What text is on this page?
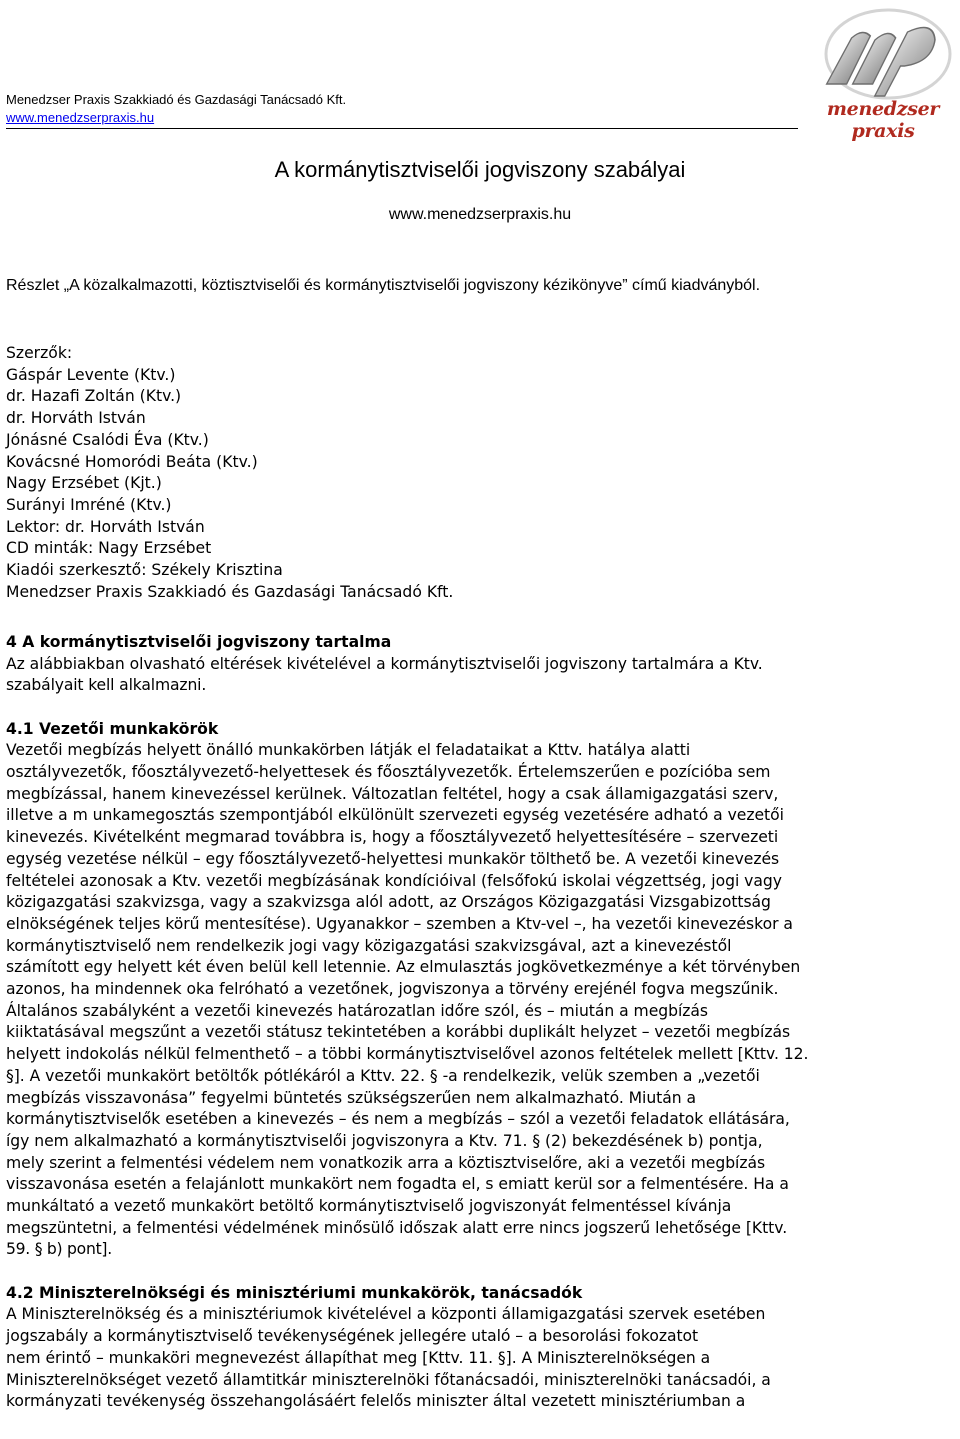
Menedzser Praxis Szakkiadó és Gazdasági Tanácsadó Kft.
www.menedzserpraxis.hu	menedzser praxis
A kormánytisztviselői jogviszony szabályai
www.menedzserpraxis.hu
Részlet „A közalkalmazotti, köztisztviselői és kormánytisztviselői jogviszony kézikönyve” című kiadványból.
Szerzők:
Gáspár Levente (Ktv.)
dr. Hazafi Zoltán (Ktv.)
dr. Horváth István
Jónásné Csalódi Éva (Ktv.)
Kovácsné Homoródi Beáta (Ktv.)
Nagy Erzsébet (Kjt.)
Surányi Imréné (Ktv.)
Lektor: dr. Horváth István
CD minták: Nagy Erzsébet
Kiadói szerkesztő: Székely Krisztina
Menedzser Praxis Szakkiadó és Gazdasági Tanácsadó Kft.
4 A kormánytisztviselői jogviszony tartalma

Az alábbiakban olvasható eltérések kivételével a kormánytisztviselői jogviszony tartalmára a Ktv.
szabályait kell alkalmazni.

4.1 Vezetői munkakörök

Vezetői megbízás helyett önálló munkakörben látják el feladataikat a Kttv. hatálya alatti
osztályvezetők, főosztályvezető-helyettesek és főosztályvezetők. Értelemszerűen e pozícióba sem
megbízással, hanem kinevezéssel kerülnek. Változatlan feltétel, hogy a csak államigazgatási szerv,
illetve a m unkamegosztás szempontjából elkülönült szervezeti egység vezetésére adható a vezetői
kinevezés. Kivételként megmarad továbbra is, hogy a főosztályvezető helyettesítésére – szervezeti
egység vezetése nélkül – egy főosztályvezető-helyettesi munkakör tölthető be. A vezetői kinevezés
feltételei azonosak a Ktv. vezetői megbízásának kondícióival (felsőfokú iskolai végzettség, jogi vagy
közigazgatási szakvizsga, vagy a szakvizsga alól adott, az Országos Közigazgatási Vizsgabizottság
elnökségének teljes körű mentesítése). Ugyanakkor – szemben a Ktv-vel –, ha vezetői kinevezéskor a
kormánytisztviselő nem rendelkezik jogi vagy közigazgatási szakvizsgával, azt a kinevezéstől
számított egy helyett két éven belül kell letennie. Az elmulasztás jogkövetkezménye a két törvényben
azonos, ha mindennek oka felróható a vezetőnek, jogviszonya a törvény erejénél fogva megszűnik.
Általános szabályként a vezetői kinevezés határozatlan időre szól, és – miután a megbízás
kiiktatásával megszűnt a vezetői státusz tekintetében a korábbi duplikált helyzet – vezetői megbízás
helyett indokolás nélkül felmenthető – a többi kormánytisztviselővel azonos feltételek mellett [Kttv. 12.
§]. A vezetői munkakört betöltők pótlékáról a Kttv. 22. § -a rendelkezik, velük szemben a „vezetői
megbízás visszavonása” fegyelmi büntetés szükségszerűen nem alkalmazható. Miután a
kormánytisztviselők esetében a kinevezés – és nem a megbízás – szól a vezetői feladatok ellátására,
így nem alkalmazható a kormánytisztviselői jogviszonyra a Ktv. 71. § (2) bekezdésének b) pontja,
mely szerint a felmentési védelem nem vonatkozik arra a köztisztviselőre, aki a vezetői megbízás
visszavonása esetén a felajánlott munkakört nem fogadta el, s emiatt kerül sor a felmentésére. Ha a
munkáltató a vezető munkakört betöltő kormánytisztviselő jogviszonyát felmentéssel kívánja
megszüntetni, a felmentési védelmének minősülő időszak alatt erre nincs jogszerű lehetősége [Kttv.
59. § b) pont].

4.2 Miniszterelnökségi és minisztériumi munkakörök, tanácsadók

A Miniszterelnökség és a minisztériumok kivételével a központi államigazgatási szervek esetében
jogszabály a kormánytisztviselő tevékenységének jellegére utaló – a besorolási fokozatot
nem érintő – munkaköri megnevezést állapíthat meg [Kttv. 11. §]. A Miniszterelnökségen a
Miniszterelnökséget vezető államtitkár miniszterelnöki főtanácsadói, miniszterelnöki tanácsadói, a
kormányzati tevékenység összehangolásáért felelős miniszter által vezetett minisztériumban a
